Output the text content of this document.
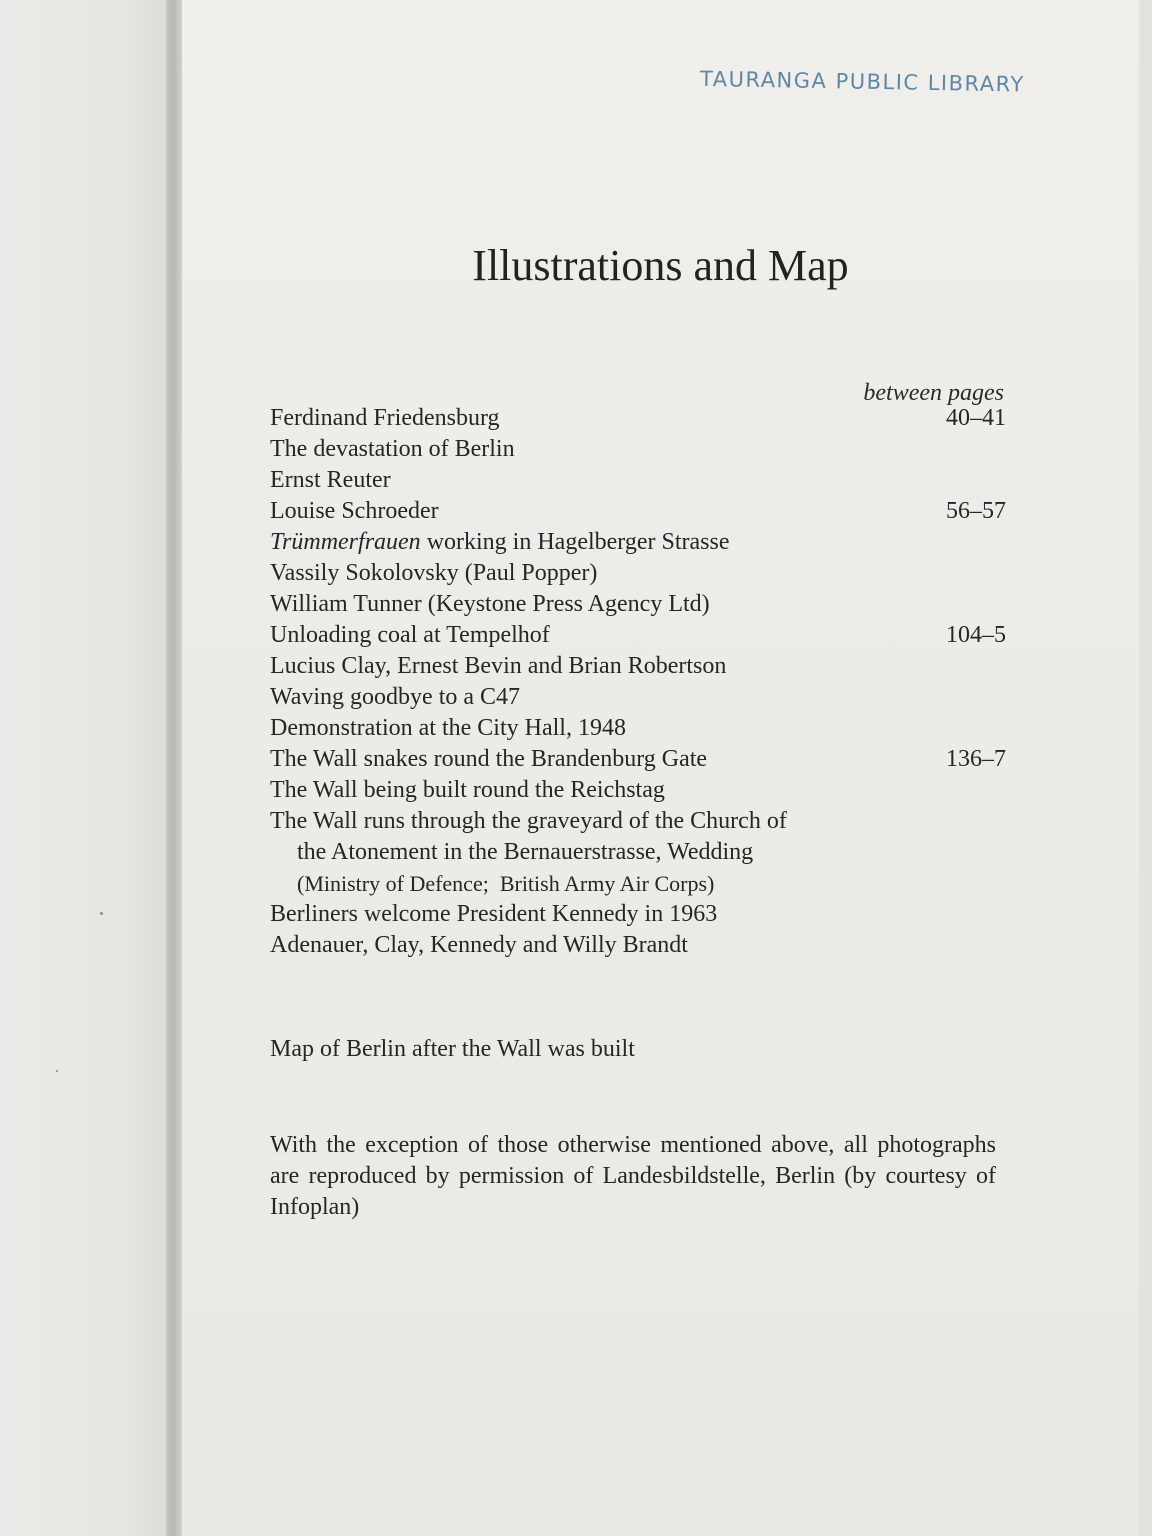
TAURANGA PUBLIC LIBRARY
Illustrations and Map
between pages
Ferdinand Friedensburg	40–41
The devastation of Berlin
Ernst Reuter
Louise Schroeder	56–57
Trümmerfrauen working in Hagelberger Strasse
Vassily Sokolovsky (Paul Popper)
William Tunner (Keystone Press Agency Ltd)
Unloading coal at Tempelhof	104–5
Lucius Clay, Ernest Bevin and Brian Robertson
Waving goodbye to a C47
Demonstration at the City Hall, 1948
The Wall snakes round the Brandenburg Gate	136–7
The Wall being built round the Reichstag
The Wall runs through the graveyard of the Church of
the Atonement in the Bernauerstrasse, Wedding
(Ministry of Defence;  British Army Air Corps)
Berliners welcome President Kennedy in 1963
Adenauer, Clay, Kennedy and Willy Brandt

Map of Berlin after the Wall was built

With the exception of those otherwise mentioned above, all photographs are reproduced by permission of Landesbildstelle, Berlin (by courtesy of Infoplan)
